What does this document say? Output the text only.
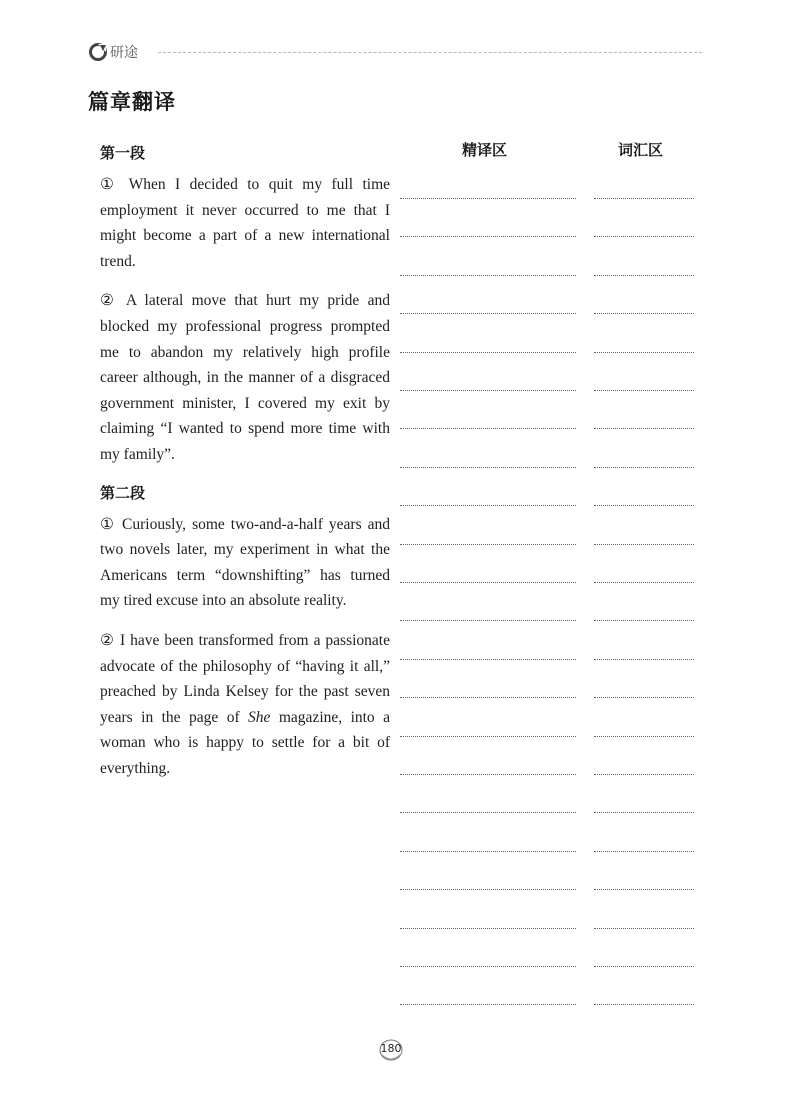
研途
篇章翻译
精译区	词汇区
第一段

① When I decided to quit my full time employment it never occurred to me that I might become a part of a new international trend.

② A lateral move that hurt my pride and blocked my professional progress prompted me to abandon my relatively high profile career although, in the manner of a disgraced government minister, I covered my exit by claiming “I wanted to spend more time with my family”.

第二段

① Curiously, some two-and-a-half years and two novels later, my experiment in what the Americans term “downshifting” has turned my tired excuse into an absolute reality.

② I have been transformed from a passionate advocate of the philosophy of “having it all,” preached by Linda Kelsey for the past seven years in the page of She magazine, into a woman who is happy to settle for a bit of everything.

180
